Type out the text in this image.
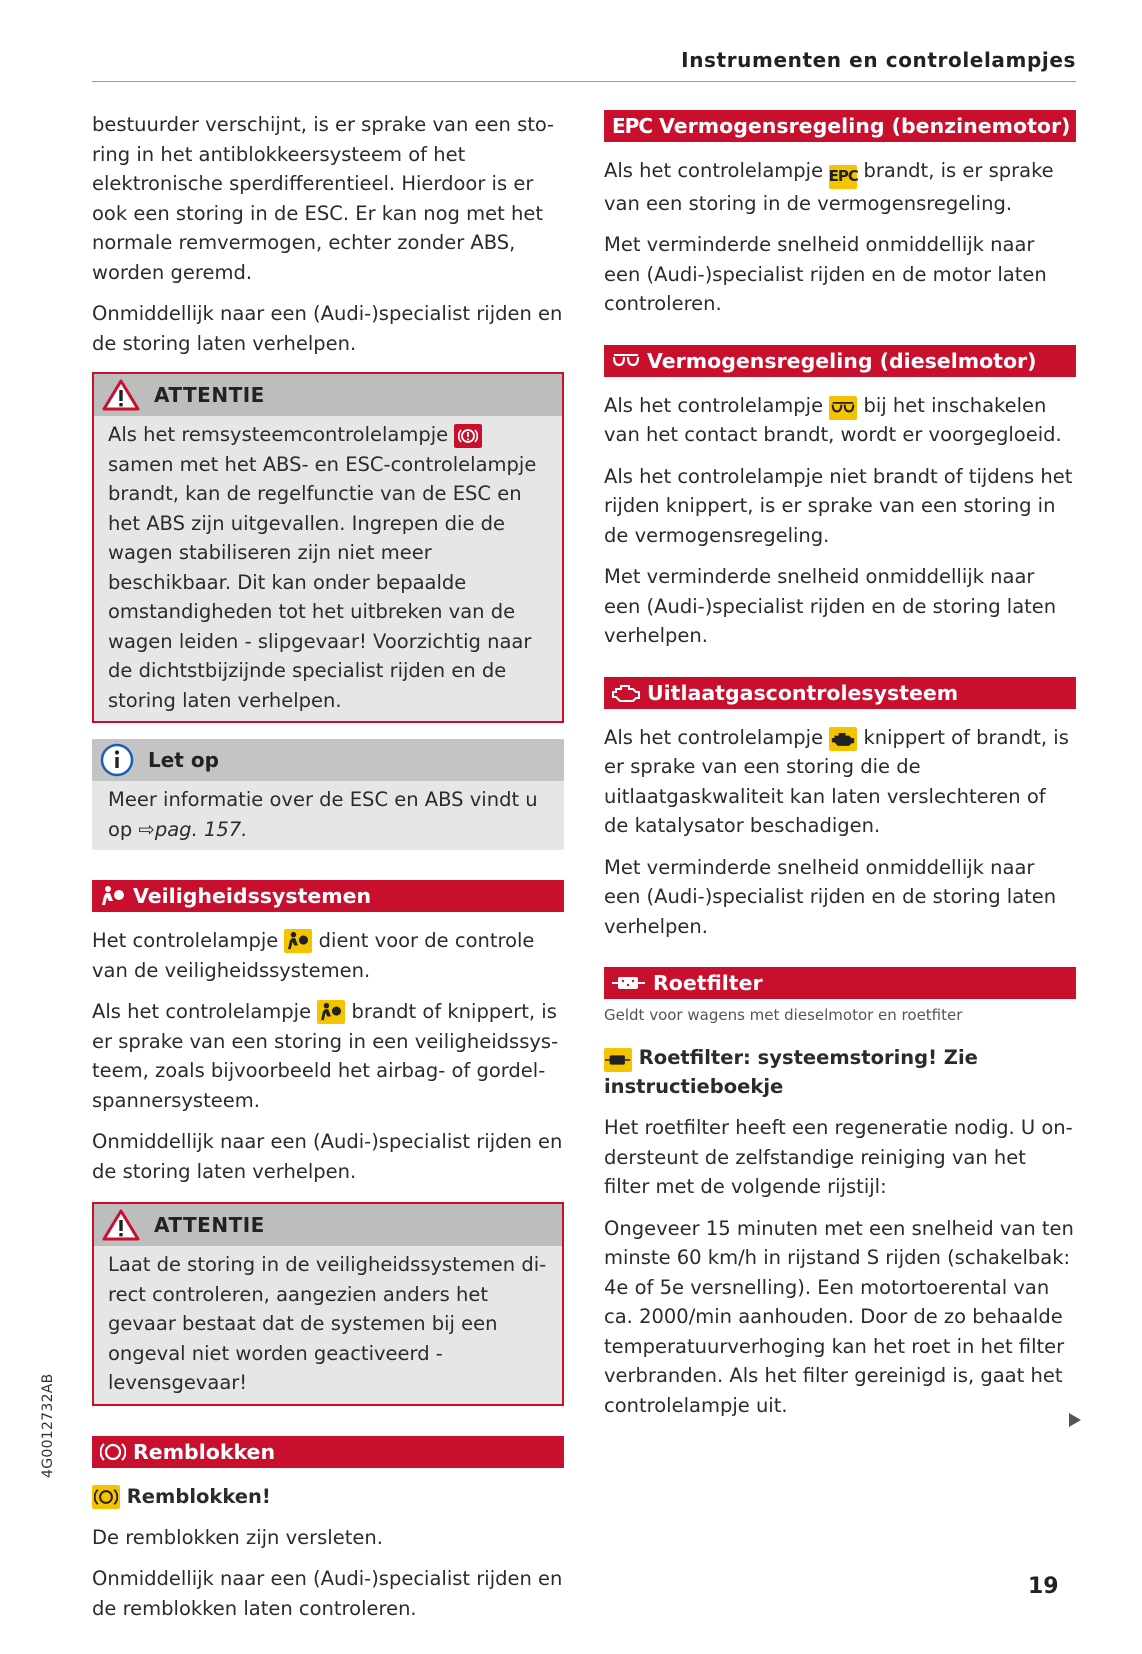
Instrumenten en controlelampjes

bestuurder verschijnt, is er sprake van een storing in het antiblokkeersysteem of het elektronische sperdifferentieel. Hierdoor is er ook een storing in de ESC. Er kan nog met het normale remvermogen, echter zonder ABS, worden geremd.

Onmiddellijk naar een (Audi-)specialist rijden en de storing laten verhelpen.

ATTENTIE

Als het remsysteemcontrolelampje
samen met het ABS- en ESC-controlelampje brandt, kan de regelfunctie van de ESC en het ABS zijn uitgevallen. Ingrepen die de wagen stabiliseren zijn niet meer beschikbaar. Dit kan onder bepaalde omstandigheden tot het uitbreken van de wagen leiden - slipgevaar! Voorzichtig naar de dichtstbijzijnde specialist rijden en de storing laten verhelpen.

Let op

Meer informatie over de ESC en ABS vindt u op ⇨pag. 157.

Veiligheidssystemen

Het controlelampje dient voor de controle van de veiligheidssystemen.

Als het controlelampje brandt of knippert, is er sprake van een storing in een veiligheidssysteem, zoals bijvoorbeeld het airbag- of gordelspannersysteem.

Onmiddellijk naar een (Audi-)specialist rijden en de storing laten verhelpen.

ATTENTIE

Laat de storing in de veiligheidssystemen direct controleren, aangezien anders het gevaar bestaat dat de systemen bij een ongeval niet worden geactiveerd - levensgevaar!

Remblokken
Remblokken!

De remblokken zijn versleten.

Onmiddellijk naar een (Audi-)specialist rijden en de remblokken laten controleren.

EPC Vermogensregeling (benzinemotor)

Als het controlelampje EPC brandt, is er sprake van een storing in de vermogensregeling.

Met verminderde snelheid onmiddellijk naar een (Audi-)specialist rijden en de motor laten controleren.

Vermogensregeling (dieselmotor)

Als het controlelampje bij het inschakelen van het contact brandt, wordt er voorgegloeid.

Als het controlelampje niet brandt of tijdens het rijden knippert, is er sprake van een storing in de vermogensregeling.

Met verminderde snelheid onmiddellijk naar een (Audi-)specialist rijden en de storing laten verhelpen.

Uitlaatgascontrolesysteem

Als het controlelampje knippert of brandt, is er sprake van een storing die de uitlaatgaskwaliteit kan laten verslechteren of de katalysator beschadigen.

Met verminderde snelheid onmiddellijk naar een (Audi-)specialist rijden en de storing laten verhelpen.

Roetfilter
Geldt voor wagens met dieselmotor en roetfiter
Roetfilter: systeemstoring! Zie instructieboekje

Het roetfilter heeft een regeneratie nodig. U ondersteunt de zelfstandige reiniging van het filter met de volgende rijstijl:

Ongeveer 15 minuten met een snelheid van ten minste 60 km/h in rijstand S rijden (schakelbak: 4e of 5e versnelling). Een motortoerental van ca. 2000/min aanhouden. Door de zo behaalde temperatuurverhoging kan het roet in het filter verbranden. Als het filter gereinigd is, gaat het controlelampje uit.

4G0012732AB
19
